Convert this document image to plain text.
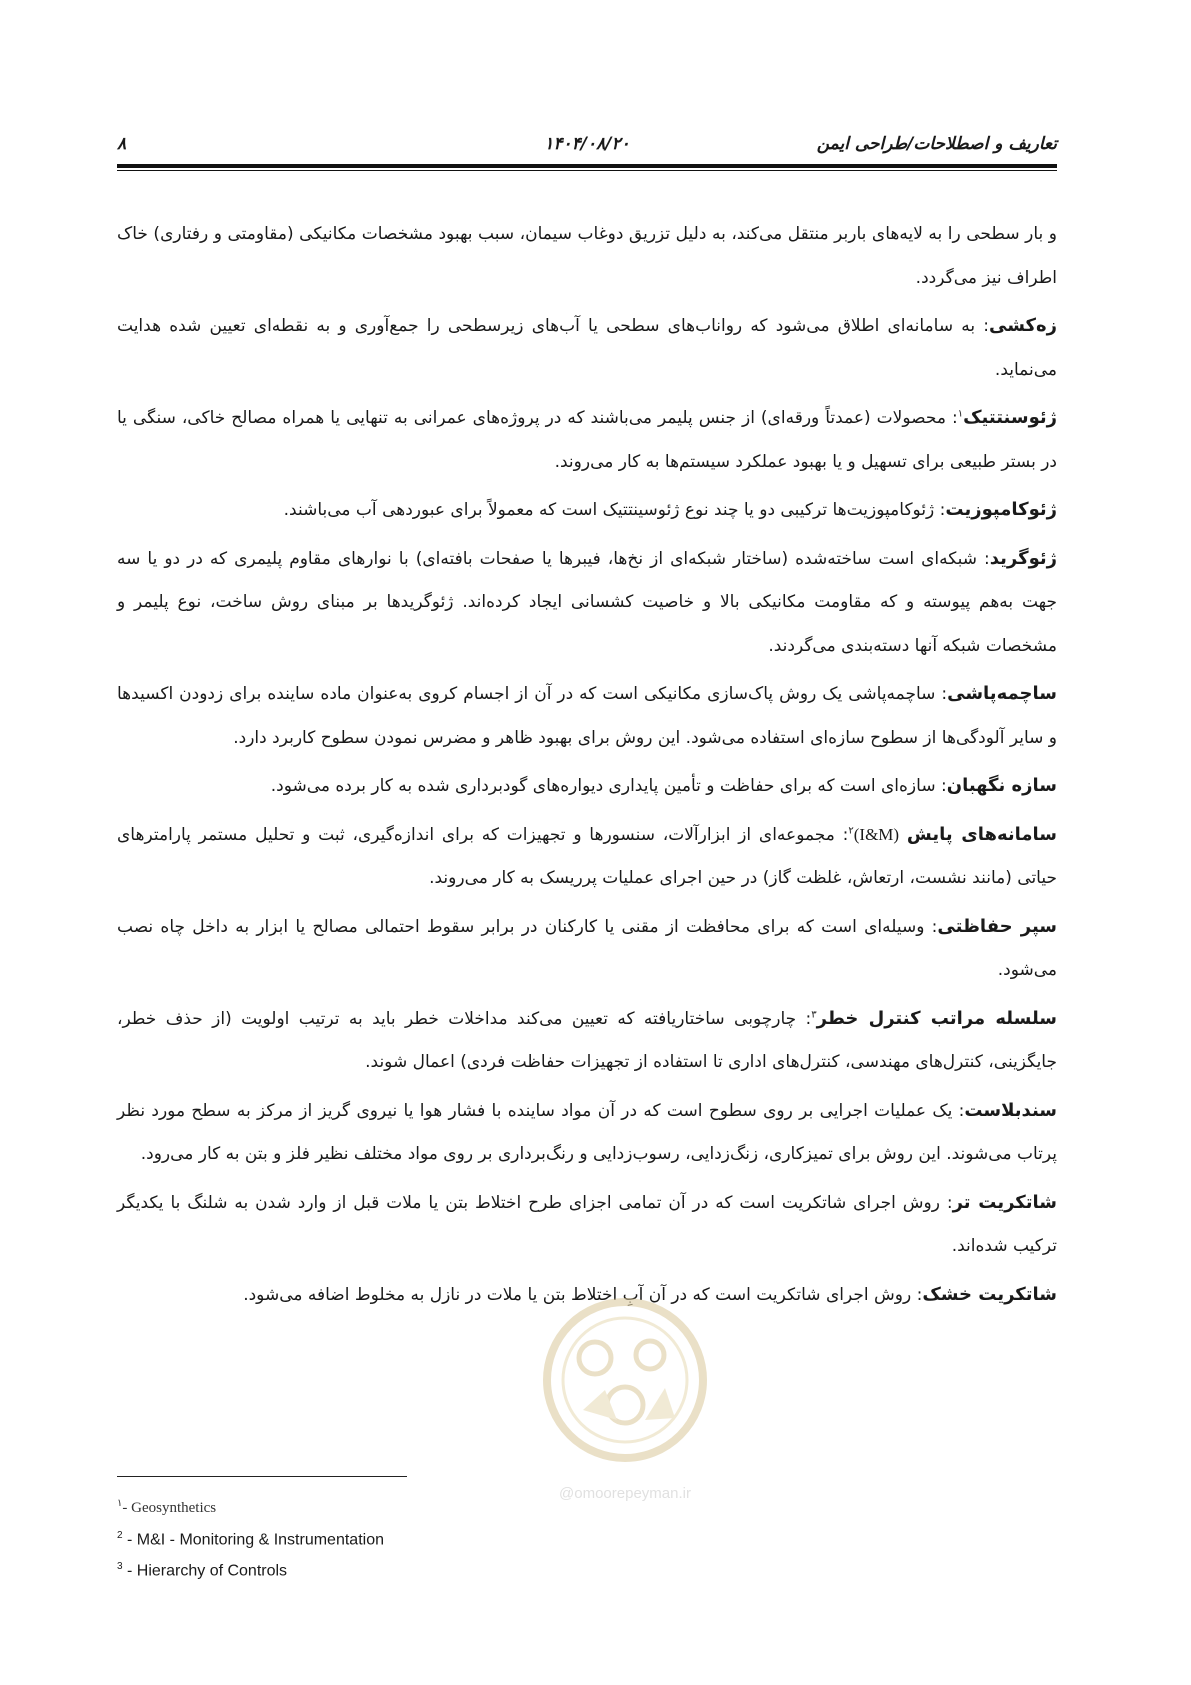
۸	۱۴۰۴/۰۸/۲۰	تعاریف و اصطلاحات/طراحی ایمن

و بار سطحی را به لایه‌های باربر منتقل می‌کند، به دلیل تزریق دوغاب سیمان، سبب بهبود مشخصات مکانیکی (مقاومتی و رفتاری) خاک اطراف نیز می‌گردد.

زه‌کشی: به سامانه‌ای اطلاق می‌شود که رواناب‌های سطحی یا آب‌های زیرسطحی را جمع‌آوری و به نقطه‌ای تعیین شده هدایت می‌نماید.

ژئوسنتتیک$^۱$: محصولات (عمدتاً ورقه‌ای) از جنس پلیمر می‌باشند که در پروژه‌های عمرانی به تنهایی یا همراه مصالح خاکی، سنگی یا در بستر طبیعی برای تسهیل و یا بهبود عملکرد سیستم‌ها به کار می‌روند.

ژئوکامپوزیت: ژئوکامپوزیت‌ها ترکیبی دو یا چند نوع ژئوسینتتیک است که معمولاً برای عبوردهی آب می‌باشند.

ژئوگرید: شبکه‌ای است ساخته‌شده (ساختار شبکه‌ای از نخ‌ها، فیبرها یا صفحات بافته‌ای) با نوارهای مقاوم پلیمری که در دو یا سه جهت به‌هم پیوسته و که مقاومت مکانیکی بالا و خاصیت کشسانی ایجاد کرده‌اند. ژئوگریدها بر مبنای روش ساخت، نوع پلیمر و مشخصات شبکه آنها دسته‌بندی می‌گردند.

ساچمه‌پاشی: ساچمه‌پاشی یک روش پاک‌سازی مکانیکی است که در آن از اجسام کروی به‌عنوان ماده ساینده برای زدودن اکسیدها و سایر آلودگی‌ها از سطوح سازه‌ای استفاده می‌شود. این روش برای بهبود ظاهر و مضرس نمودن سطوح کاربرد دارد.

سازه نگهبان: سازه‌ای است که برای حفاظت و تأمین پایداری دیواره‌های گودبرداری شده به کار برده می‌شود.

سامانه‌های پایش (I&M)$^۲$: مجموعه‌ای از ابزارآلات، سنسورها و تجهیزات که برای اندازه‌گیری، ثبت و تحلیل مستمر پارامترهای حیاتی (مانند نشست، ارتعاش، غلظت گاز) در حین اجرای عملیات پرریسک به کار می‌روند.

سپر حفاظتی: وسیله‌ای است که برای محافظت از مقنی یا کارکنان در برابر سقوط احتمالی مصالح یا ابزار به داخل چاه نصب می‌شود.

سلسله مراتب کنترل خطر$^۳$: چارچوبی ساختاریافته که تعیین می‌کند مداخلات خطر باید به ترتیب اولویت (از حذف خطر، جایگزینی، کنترل‌های مهندسی، کنترل‌های اداری تا استفاده از تجهیزات حفاظت فردی) اعمال شوند.

سندبلاست: یک عملیات اجرایی بر روی سطوح است که در آن مواد ساینده با فشار هوا یا نیروی گریز از مرکز به سطح مورد نظر پرتاب می‌شوند. این روش برای تمیزکاری، زنگ‌زدایی، رسوب‌زدایی و رنگ‌برداری بر روی مواد مختلف نظیر فلز و بتن به کار می‌رود.

شاتکریت تر: روش اجرای شاتکریت است که در آن تمامی اجزای طرح اختلاط بتن یا ملات قبل از وارد شدن به شلنگ با یکدیگر ترکیب شده‌اند.

شاتکریت خشک: روش اجرای شاتکریت است که در آن آبِ اختلاط بتن یا ملات در نازل به مخلوط اضافه می‌شود.

@omoorepeyman.ir

$^۱$- Geosynthetics

$^2$ - M&I - Monitoring & Instrumentation

$^3$ - Hierarchy of Controls
